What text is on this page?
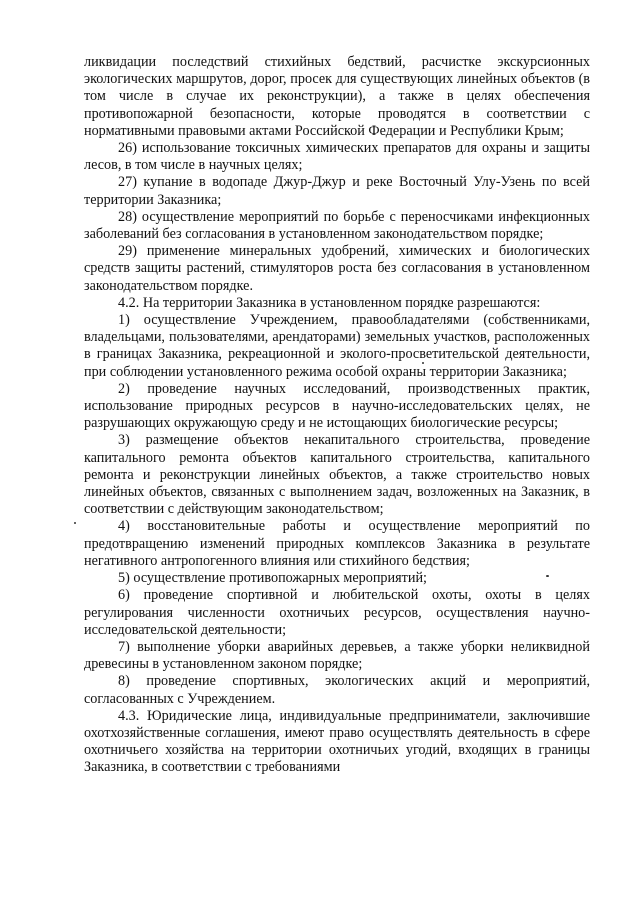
ликвидации последствий стихийных бедствий, расчистке экскурсионных экологических маршрутов, дорог, просек для существующих линейных объектов (в том числе в случае их реконструкции), а также в целях обеспечения противопожарной безопасности, которые проводятся в соответствии с нормативными правовыми актами Российской Федерации и Республики Крым;

26) использование токсичных химических препаратов для охраны и защиты лесов, в том числе в научных целях;

27) купание в водопаде Джур-Джур и реке Восточный Улу-Узень по всей территории Заказника;

28) осуществление мероприятий по борьбе с переносчиками инфекционных заболеваний без согласования в установленном законодательством порядке;

29) применение минеральных удобрений, химических и биологических средств защиты растений, стимуляторов роста без согласования в установленном законодательством порядке.

4.2. На территории Заказника в установленном порядке разрешаются:

1) осуществление Учреждением, правообладателями (собственниками, владельцами, пользователями, арендаторами) земельных участков, расположенных в границах Заказника, рекреационной и эколого-просветительской деятельности, при соблюдении установленного режима особой охраны территории Заказника;

2) проведение научных исследований, производственных практик, использование природных ресурсов в научно-исследовательских целях, не разрушающих окружающую среду и не истощающих биологические ресурсы;

3) размещение объектов некапитального строительства, проведение капитального ремонта объектов капитального строительства, капитального ремонта и реконструкции линейных объектов, а также строительство новых линейных объектов, связанных с выполнением задач, возложенных на Заказник, в соответствии с действующим законодательством;

4) восстановительные работы и осуществление мероприятий по предотвращению изменений природных комплексов Заказника в результате негативного антропогенного влияния или стихийного бедствия;

5) осуществление противопожарных мероприятий;

6) проведение спортивной и любительской охоты, охоты в целях регулирования численности охотничьих ресурсов, осуществления научно-исследовательской деятельности;

7) выполнение уборки аварийных деревьев, а также уборки неликвидной древесины в установленном законом порядке;

8) проведение спортивных, экологических акций и мероприятий, согласованных с Учреждением.

4.3. Юридические лица, индивидуальные предприниматели, заключившие охотхозяйственные соглашения, имеют право осуществлять деятельность в сфере охотничьего хозяйства на территории охотничьих угодий, входящих в границы Заказника, в соответствии с требованиями
